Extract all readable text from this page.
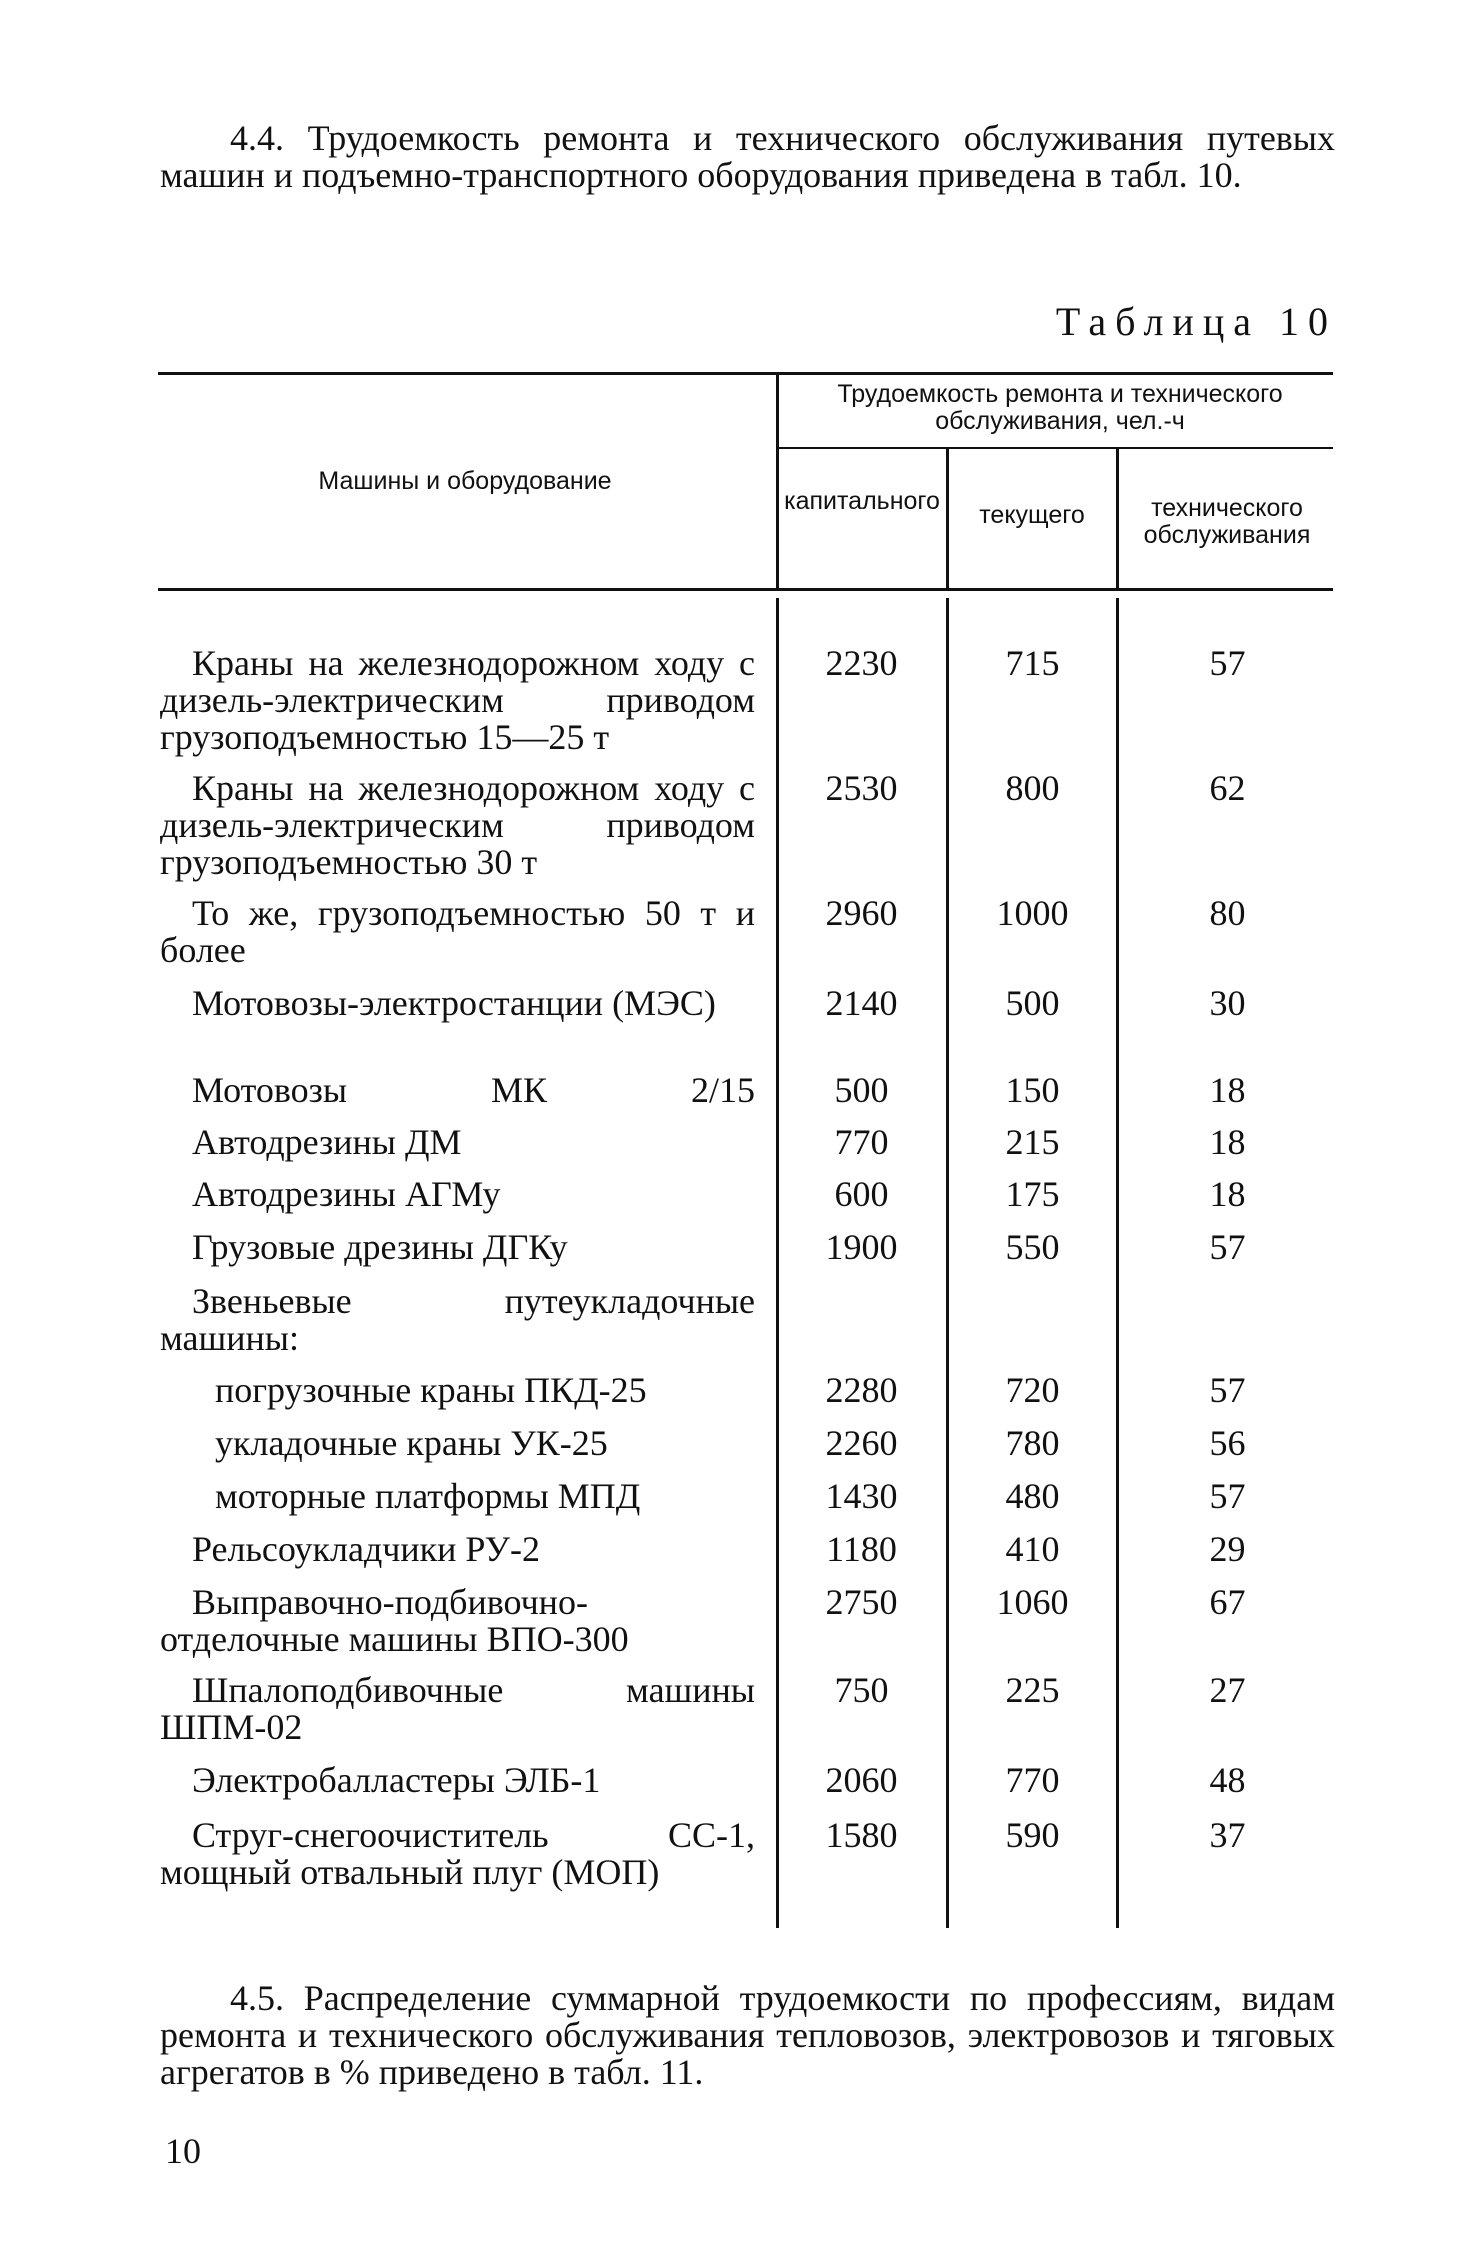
4.4. Трудоемкость ремонта и технического обслуживания путевых машин и подъемно-транспортного оборудования приведена в табл. 10.

Таблица 10
Машины и оборудование
Трудоемкость ремонта и технического обслуживания, чел.-ч
капитального	текущего	технического обслуживания
Краны на железнодорожном ходу с дизель-электрическим приводом грузоподъемностью 15—25 т
2230	715	57
Краны на железнодорожном ходу с дизель-электрическим приводом грузоподъемностью 30 т
2530	800	62
То же, грузоподъемностью 50 т и более
2960	1000	80
Мотовозы-электростанции (МЭС)	2140	500	30
Мотовозы МК 2/15	500	150	18
Автодрезины ДМ	770	215	18
Автодрезины АГМу	600	175	18
Грузовые дрезины ДГКу	1900	550	57
Звеньевые путеукладочные машины:
погрузочные краны ПКД-25	2280	720	57
укладочные краны УК-25	2260	780	56
моторные платформы МПД	1430	480	57
Рельсоукладчики РУ-2	1180	410	29
Выправочно-подбивочно-отделочные машины ВПО-300
2750	1060	67
Шпалоподбивочные машины ШПМ-02
750	225	27
Электробалластеры ЭЛБ-1	2060	770	48
Струг-снегоочиститель СС-1, мощный отвальный плуг (МОП)
1580	590	37

4.5. Распределение суммарной трудоемкости по профессиям, видам ремонта и технического обслуживания тепловозов, электровозов и тяговых агрегатов в % приведено в табл. 11.

10
